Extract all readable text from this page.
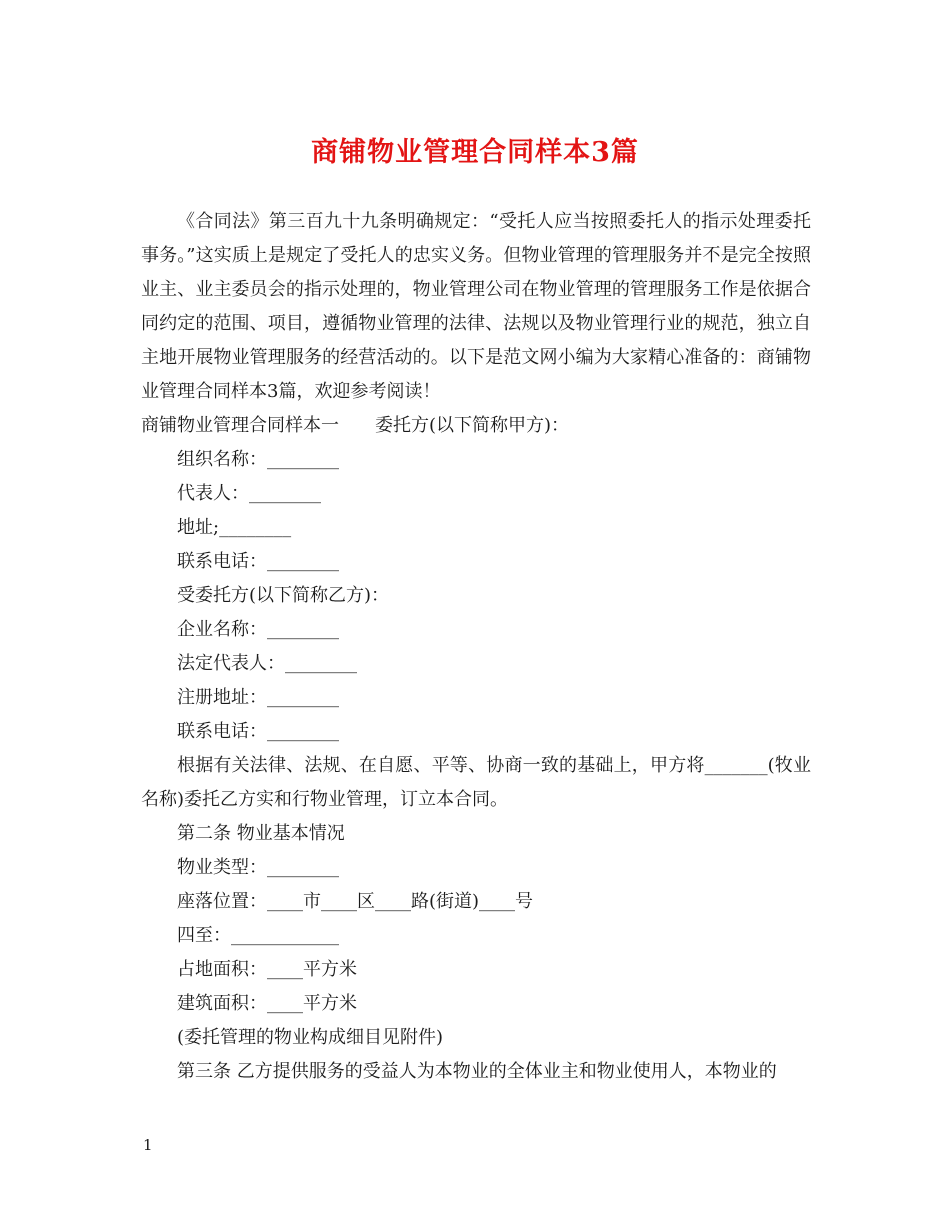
商铺物业管理合同样本3篇

《合同法》第三百九十九条明确规定：“受托人应当按照委托人的指示处理委托事务。”这实质上是规定了受托人的忠实义务。但物业管理的管理服务并不是完全按照业主、业主委员会的指示处理的，物业管理公司在物业管理的管理服务工作是依据合同约定的范围、项目，遵循物业管理的法律、法规以及物业管理行业的规范，独立自主地开展物业管理服务的经营活动的。以下是范文网小编为大家精心准备的：商铺物业管理合同样本3篇，欢迎参考阅读！

商铺物业管理合同样本一 委托方(以下简称甲方)：

组织名称：________

代表人：________

地址;________

联系电话：________

受委托方(以下简称乙方)：

企业名称：________

法定代表人：________

注册地址：________

联系电话：________

根据有关法律、法规、在自愿、平等、协商一致的基础上，甲方将_______(牧业名称)委托乙方实和行物业管理，订立本合同。

第二条 物业基本情况

物业类型：________

座落位置：____市____区____路(街道)____号

四至：____________

占地面积：____平方米

建筑面积：____平方米

(委托管理的物业构成细目见附件)

第三条 乙方提供服务的受益人为本物业的全体业主和物业使用人，本物业的

1
